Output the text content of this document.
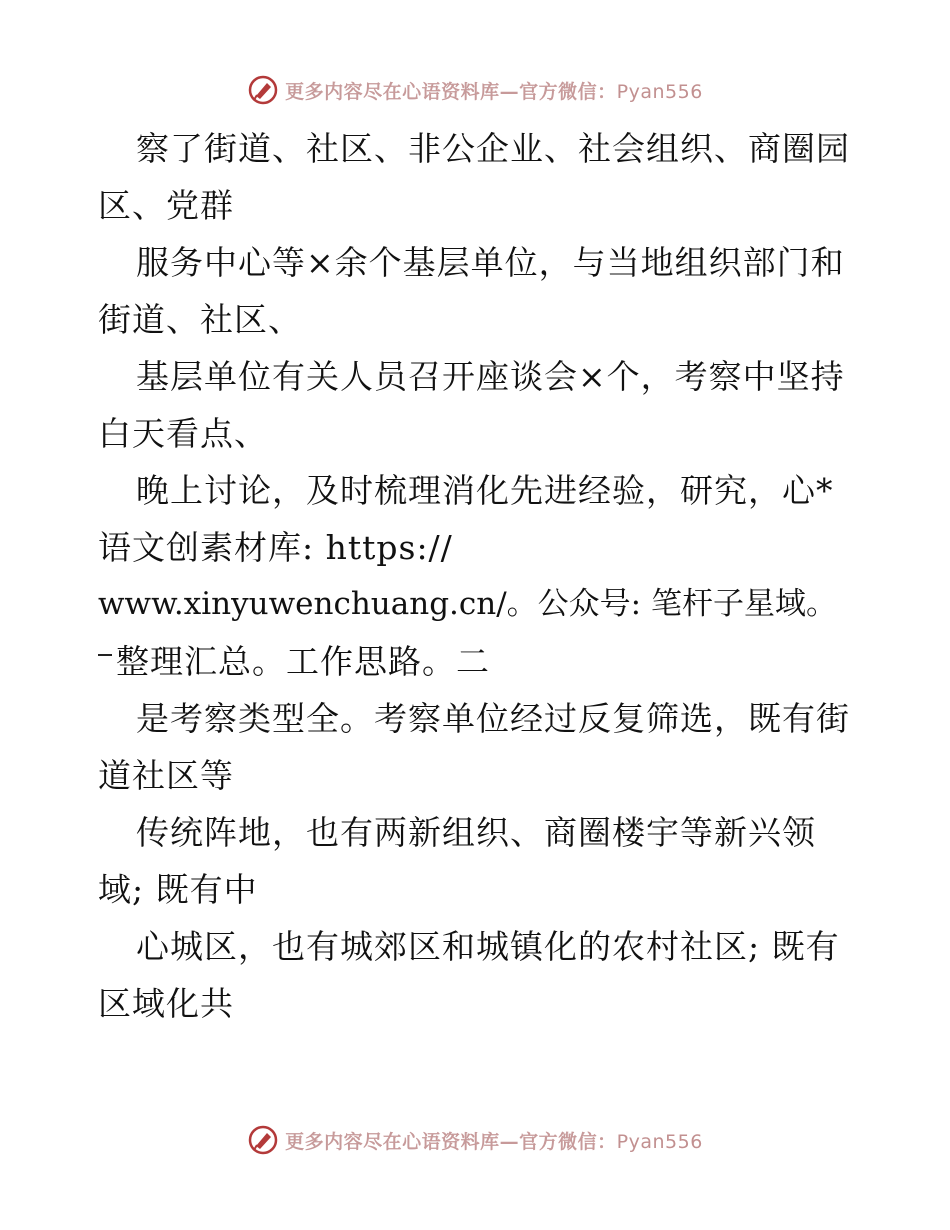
更多内容尽在心语资料库—官方微信：Pyan556
察了街道、社区、非公企业、社会组织、商圈园
区、党群
服务中心等×余个基层单位，与当地组织部门和
街道、社区、
基层单位有关人员召开座谈会×个，考察中坚持
白天看点、
晚上讨论，及时梳理消化先进经验，研究，心*
语文创素材库: https://
www.xinyuwenchuang.cn/。公众号: 笔杆子星域。
整理汇总。工作思路。二
是考察类型全。考察单位经过反复筛选，既有街
道社区等
传统阵地，也有两新组织、商圈楼宇等新兴领
域; 既有中
心城区，也有城郊区和城镇化的农村社区; 既有
区域化共
更多内容尽在心语资料库—官方微信：Pyan556
